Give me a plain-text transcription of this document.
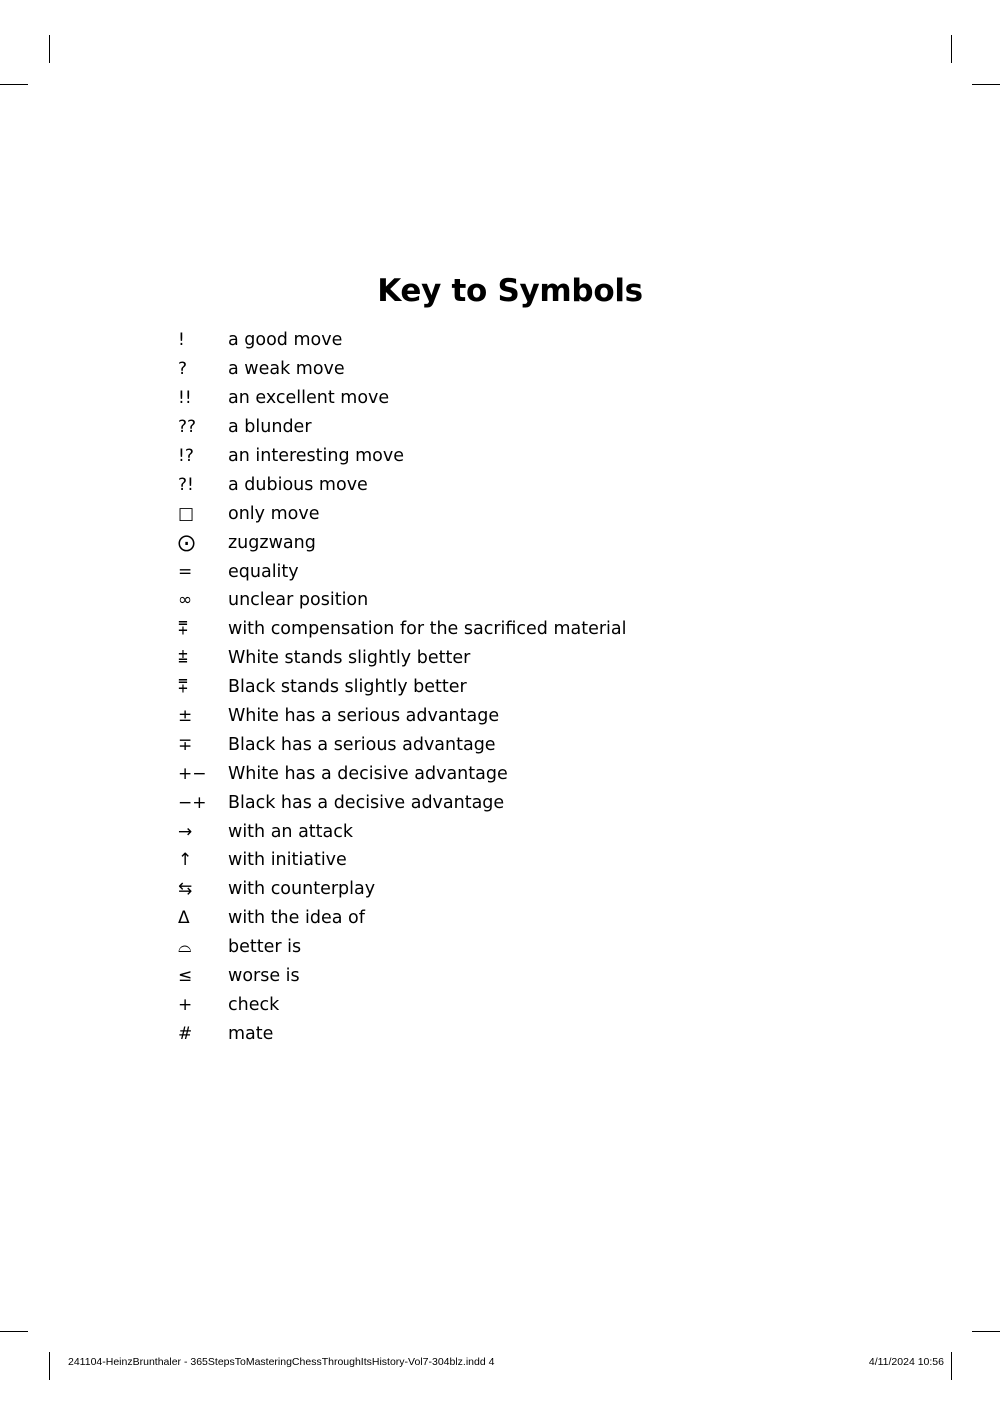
Key to Symbols
!	a good move
?	a weak move
!!	an excellent move
??	a blunder
!?	an interesting move
?!	a dubious move
□	only move
⨀	zugzwang
=	equality
∞	unclear position
⩱	with compensation for the sacrificed material
⩲	White stands slightly better
⩱	Black stands slightly better
±	White has a serious advantage
∓	Black has a serious advantage
+−	White has a decisive advantage
−+	Black has a decisive advantage
→	with an attack
↑	with initiative
⇆	with counterplay
Δ	with the idea of
⌓	better is
≤	worse is
+	check
#	mate
241104-HeinzBrunthaler - 365StepsToMasteringChessThroughItsHistory-Vol7-304blz.indd 4	4/11/2024 10:56
